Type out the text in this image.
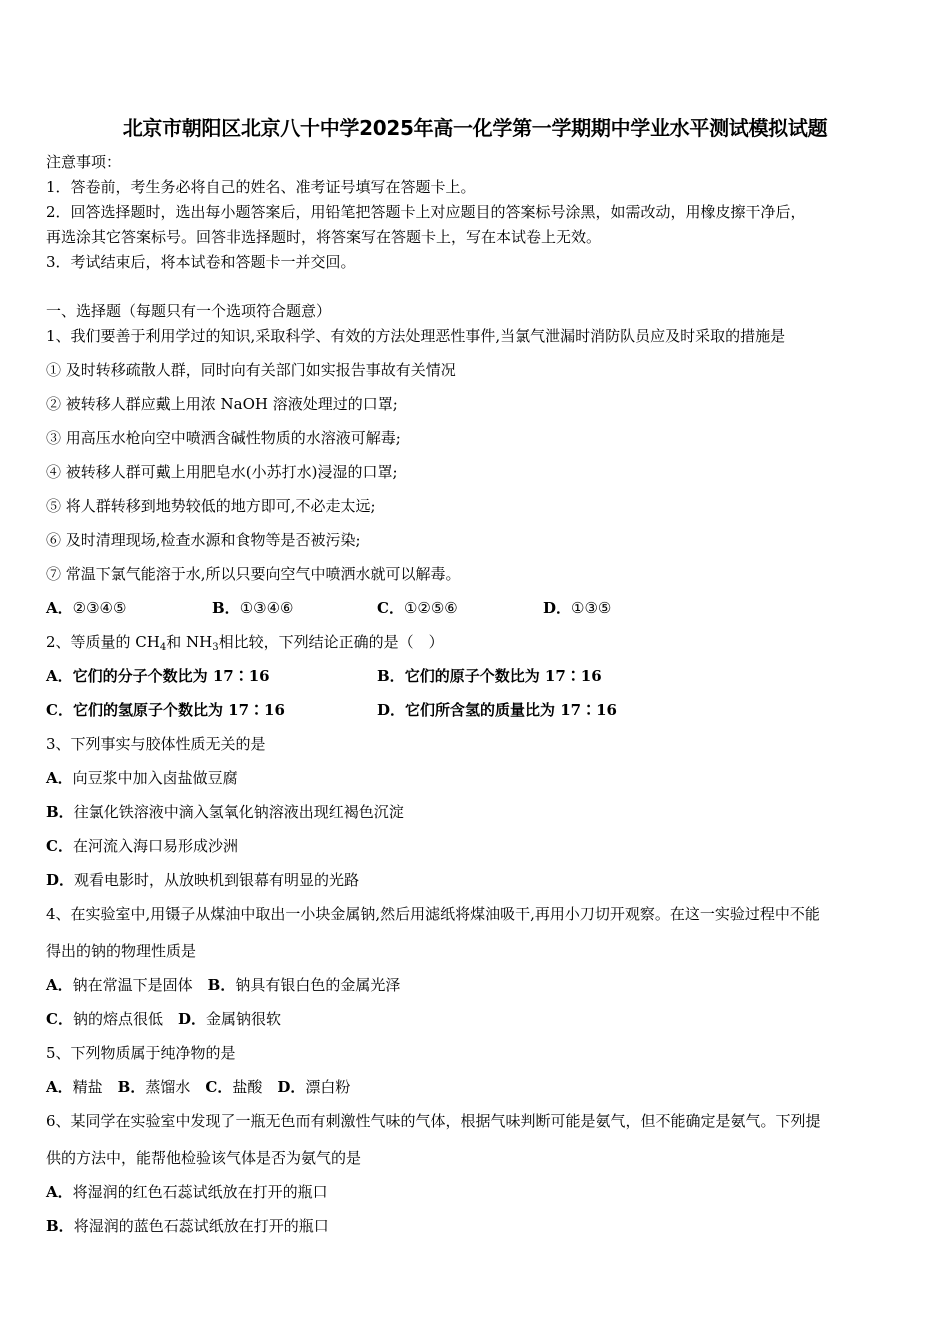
北京市朝阳区北京八十中学2025年高一化学第一学期期中学业水平测试模拟试题
注意事项：
1．答卷前，考生务必将自己的姓名、准考证号填写在答题卡上。
2．回答选择题时，选出每小题答案后，用铅笔把答题卡上对应题目的答案标号涂黑，如需改动，用橡皮擦干净后，
再选涂其它答案标号。回答非选择题时，将答案写在答题卡上，写在本试卷上无效。
3．考试结束后，将本试卷和答题卡一并交回。
一、选择题（每题只有一个选项符合题意）
1、我们要善于利用学过的知识,采取科学、有效的方法处理恶性事件,当氯气泄漏时消防队员应及时采取的措施是
① 及时转移疏散人群，同时向有关部门如实报告事故有关情况
② 被转移人群应戴上用浓 NaOH 溶液处理过的口罩;
③ 用高压水枪向空中喷洒含碱性物质的水溶液可解毒;
④ 被转移人群可戴上用肥皂水(小苏打水)浸湿的口罩;
⑤ 将人群转移到地势较低的地方即可,不必走太远;
⑥ 及时清理现场,检查水源和食物等是否被污染;
⑦ 常温下氯气能溶于水,所以只要向空气中喷洒水就可以解毒。
A．②③④⑤	B．①③④⑥	C．①②⑤⑥	D．①③⑤
2、等质量的 $CH_4$和 $NH_3$相比较，下列结论正确的是（　）
A．它们的分子个数比为 17∶16	B．它们的原子个数比为 17∶16
C．它们的氢原子个数比为 17∶16	D．它们所含氢的质量比为 17∶16
3、下列事实与胶体性质无关的是
A．向豆浆中加入卤盐做豆腐
B．往氯化铁溶液中滴入氢氧化钠溶液出现红褐色沉淀
C．在河流入海口易形成沙洲
D．观看电影时，从放映机到银幕有明显的光路
4、在实验室中,用镊子从煤油中取出一小块金属钠,然后用滤纸将煤油吸干,再用小刀切开观察。在这一实验过程中不能
得出的钠的物理性质是
A．钠在常温下是固体　 B．钠具有银白色的金属光泽
C．钠的熔点很低　 D．金属钠很软
5、下列物质属于纯净物的是
A．精盐　 B．蒸馏水　 C．盐酸　 D．漂白粉
6、某同学在实验室中发现了一瓶无色而有刺激性气味的气体，根据气味判断可能是氨气，但不能确定是氨气。下列提
供的方法中，能帮他检验该气体是否为氨气的是
A．将湿润的红色石蕊试纸放在打开的瓶口
B．将湿润的蓝色石蕊试纸放在打开的瓶口
